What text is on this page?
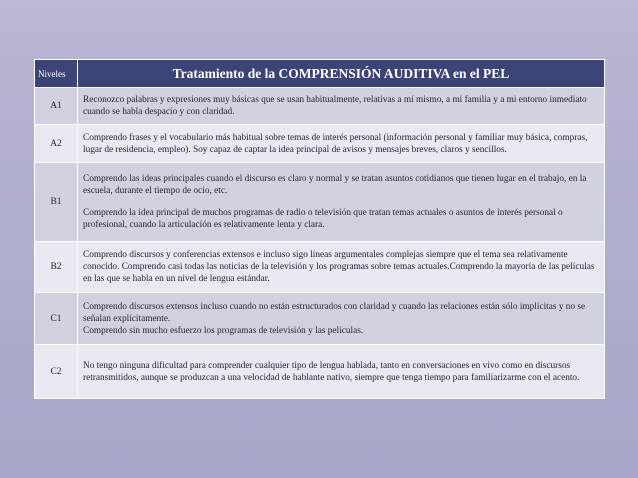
Niveles	Tratamiento de la COMPRENSIÓN AUDITIVA en el PEL
A1	Reconozco palabras y expresiones muy básicas que se usan habitualmente, relativas a mí mismo, a mi familia y a mi entorno inmediato cuando se habla despacio y con claridad.

A2	Comprendo frases y el vocabulario más habitual sobre temas de interés personal (información personal y familiar muy básica, compras, lugar de residencia, empleo). Soy capaz de captar la idea principal de avisos y mensajes breves, claros y sencillos.

B1	Comprendo las ideas principales cuando el discurso es claro y normal y se tratan asuntos cotidianos que tienen lugar en el trabajo, en la escuela, durante el tiempo de ocio, etc.

Comprendo la idea principal de muchos programas de radio o televisión que tratan temas actuales o asuntos de interés personal o profesional, cuando la articulación es relativamente lenta y clara.

B2	Comprendo discursos y conferencias extensos e incluso sigo líneas argumentales complejas siempre que el tema sea relativamente conocido. Comprendo casi todas las noticias de la televisión y los programas sobre temas actuales.Comprendo la mayoría de las películas en las que se habla en un nivel de lengua estándar.

C1	Comprendo discursos extensos incluso cuando no están estructurados con claridad y cuando las relaciones están sólo implícitas y no se señalan explícitamente.

Comprendo sin mucho esfuerzo los programas de televisión y las películas.

C2	No tengo ninguna dificultad para comprender cualquier tipo de lengua hablada, tanto en conversaciones en vivo como en discursos retransmitidos, aunque se produzcan a una velocidad de hablante nativo, siempre que tenga tiempo para familiarizarme con el acento.
